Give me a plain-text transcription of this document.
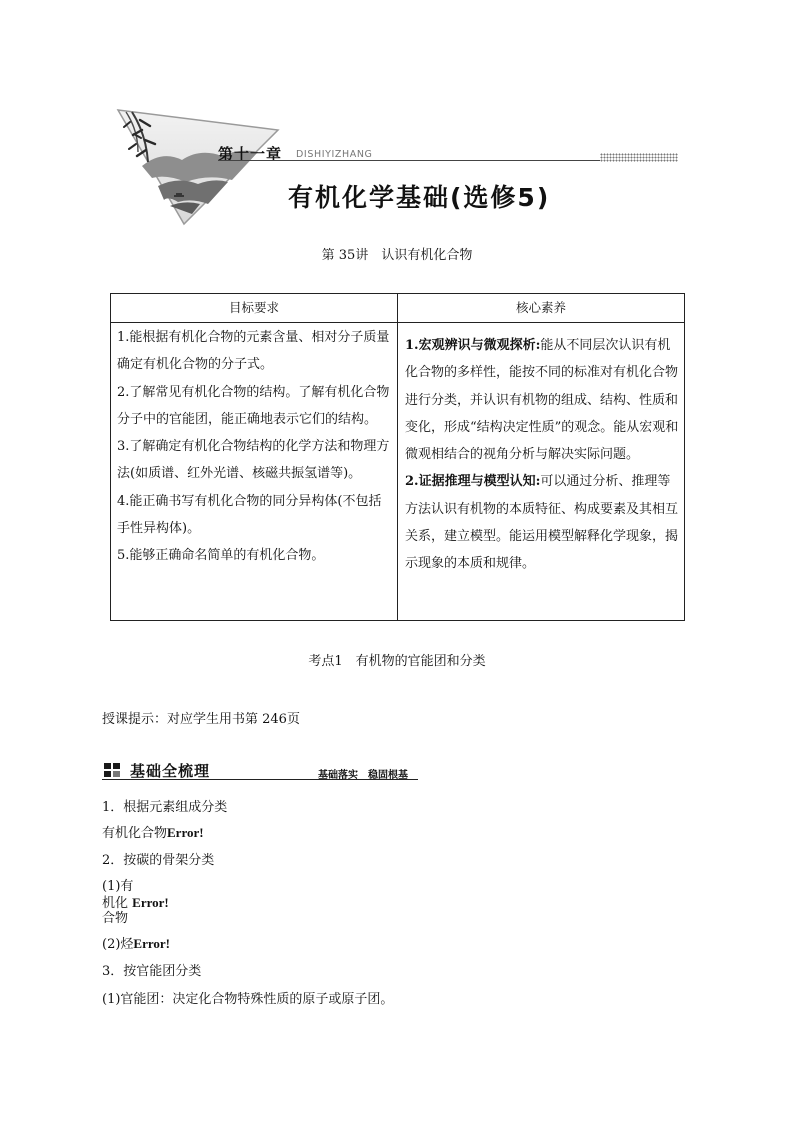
第十一章 DISHIYIZHANG
有机化学基础(选修5)
第 35讲　认识有机化合物
目标要求	核心素养

1.能根据有机化合物的元素含量、相对分子质量确定有机化合物的分子式。

2.了解常见有机化合物的结构。了解有机化合物分子中的官能团，能正确地表示它们的结构。

3.了解确定有机化合物结构的化学方法和物理方法(如质谱、红外光谱、核磁共振氢谱等)。

4.能正确书写有机化合物的同分异构体(不包括手性异构体)。

5.能够正确命名简单的有机化合物。

1.宏观辨识与微观探析:能从不同层次认识有机化合物的多样性，能按不同的标准对有机化合物进行分类，并认识有机物的组成、结构、性质和变化，形成“结构决定性质”的观念。能从宏观和微观相结合的视角分析与解决实际问题。

2.证据推理与模型认知:可以通过分析、推理等方法认识有机物的本质特征、构成要素及其相互关系，建立模型。能运用模型解释化学现象，揭示现象的本质和规律。

考点1　有机物的官能团和分类
授课提示：对应学生用书第 246页
基础全梳理	基础落实　稳固根基
1．根据元素组成分类
有机化合物Error!
2．按碳的骨架分类
(1)有
机化 Error!
合物
(2)烃Error!
3．按官能团分类
(1)官能团：决定化合物特殊性质的原子或原子团。
